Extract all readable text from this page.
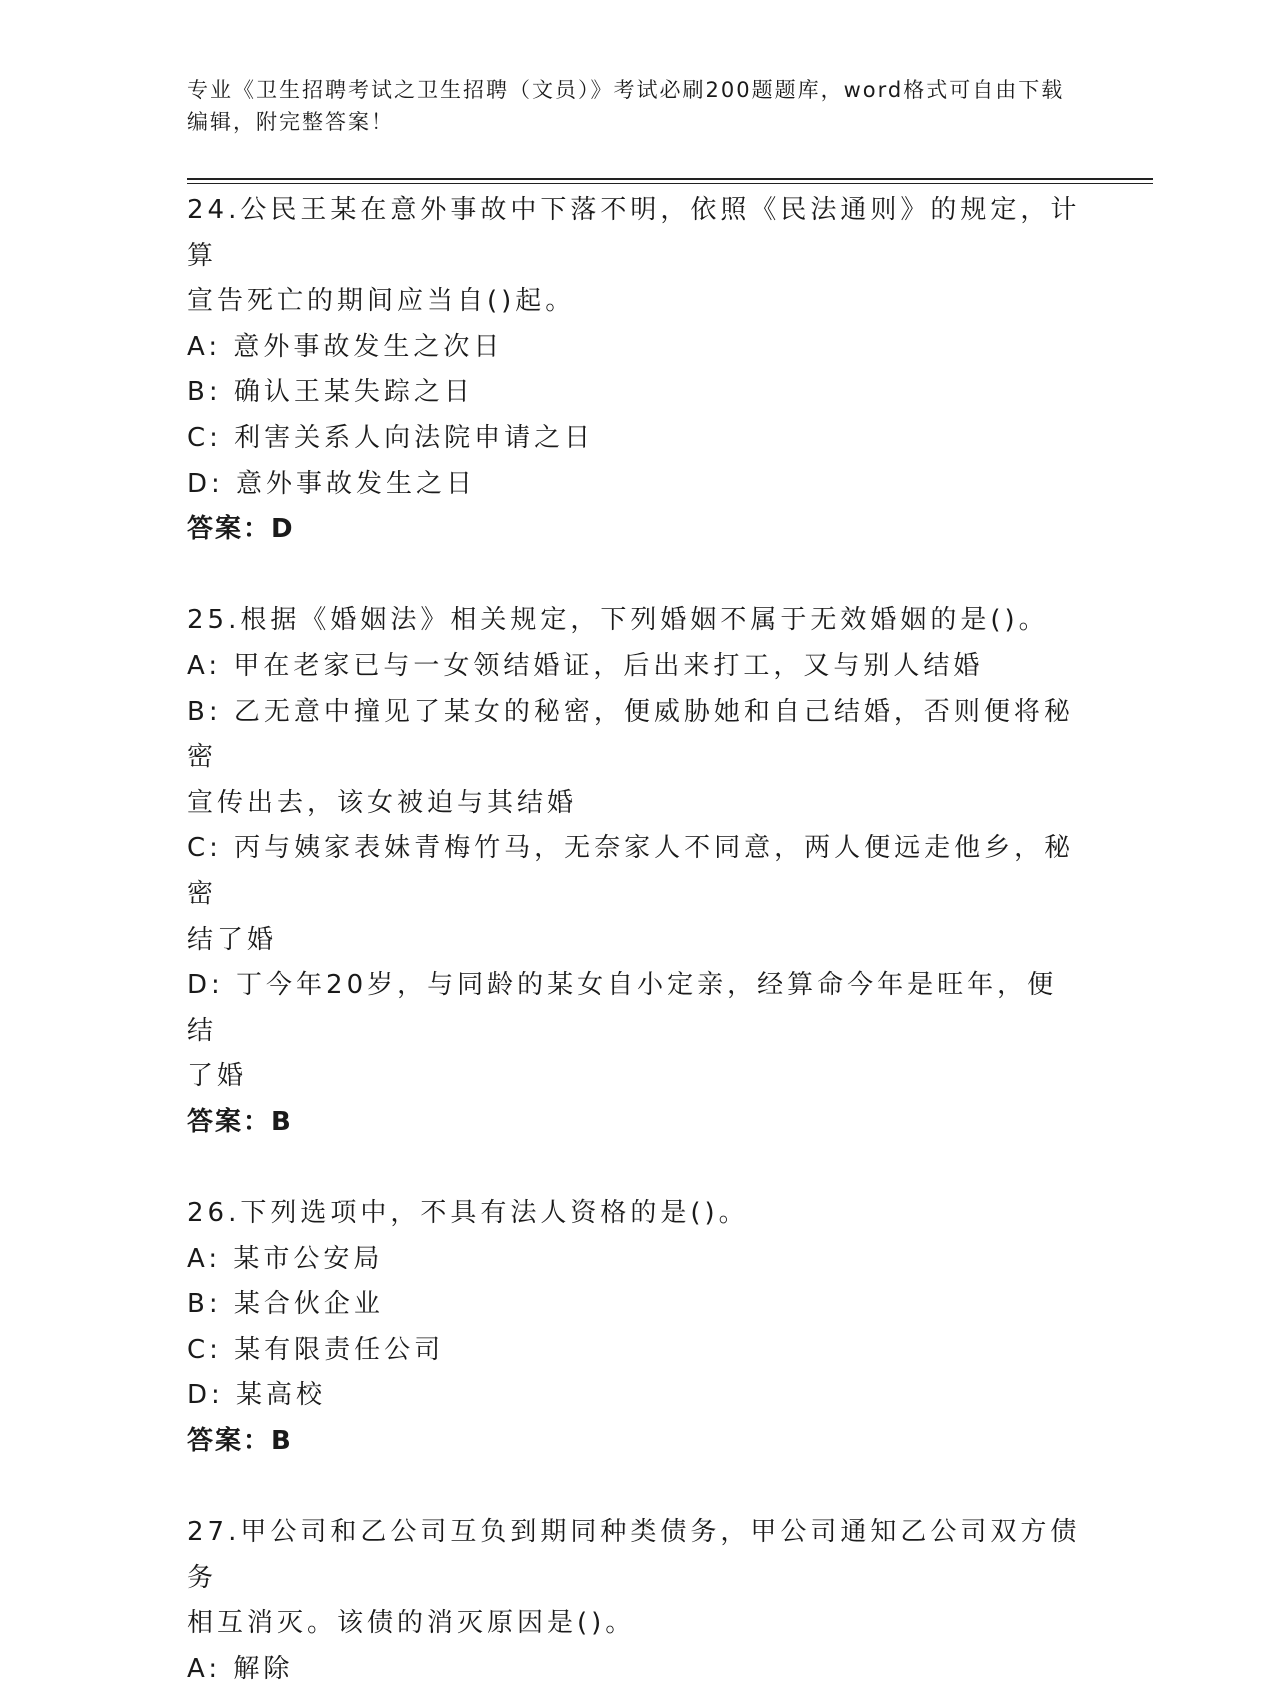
专业《卫生招聘考试之卫生招聘（文员）》考试必刷200题题库，word格式可自由下载编辑，附完整答案！
24.公民王某在意外事故中下落不明，依照《民法通则》的规定，计算
宣告死亡的期间应当自()起。
A: 意外事故发生之次日
B: 确认王某失踪之日
C: 利害关系人向法院申请之日
D: 意外事故发生之日
答案：D
25.根据《婚姻法》相关规定，下列婚姻不属于无效婚姻的是()。
A: 甲在老家已与一女领结婚证，后出来打工，又与别人结婚
B: 乙无意中撞见了某女的秘密，便威胁她和自己结婚，否则便将秘密
宣传出去，该女被迫与其结婚
C: 丙与姨家表妹青梅竹马，无奈家人不同意，两人便远走他乡，秘密
结了婚
D: 丁今年20岁，与同龄的某女自小定亲，经算命今年是旺年，便结
了婚
答案：B
26.下列选项中，不具有法人资格的是()。
A: 某市公安局
B: 某合伙企业
C: 某有限责任公司
D: 某高校
答案：B
27.甲公司和乙公司互负到期同种类债务，甲公司通知乙公司双方债务
相互消灭。该债的消灭原因是()。
A: 解除
